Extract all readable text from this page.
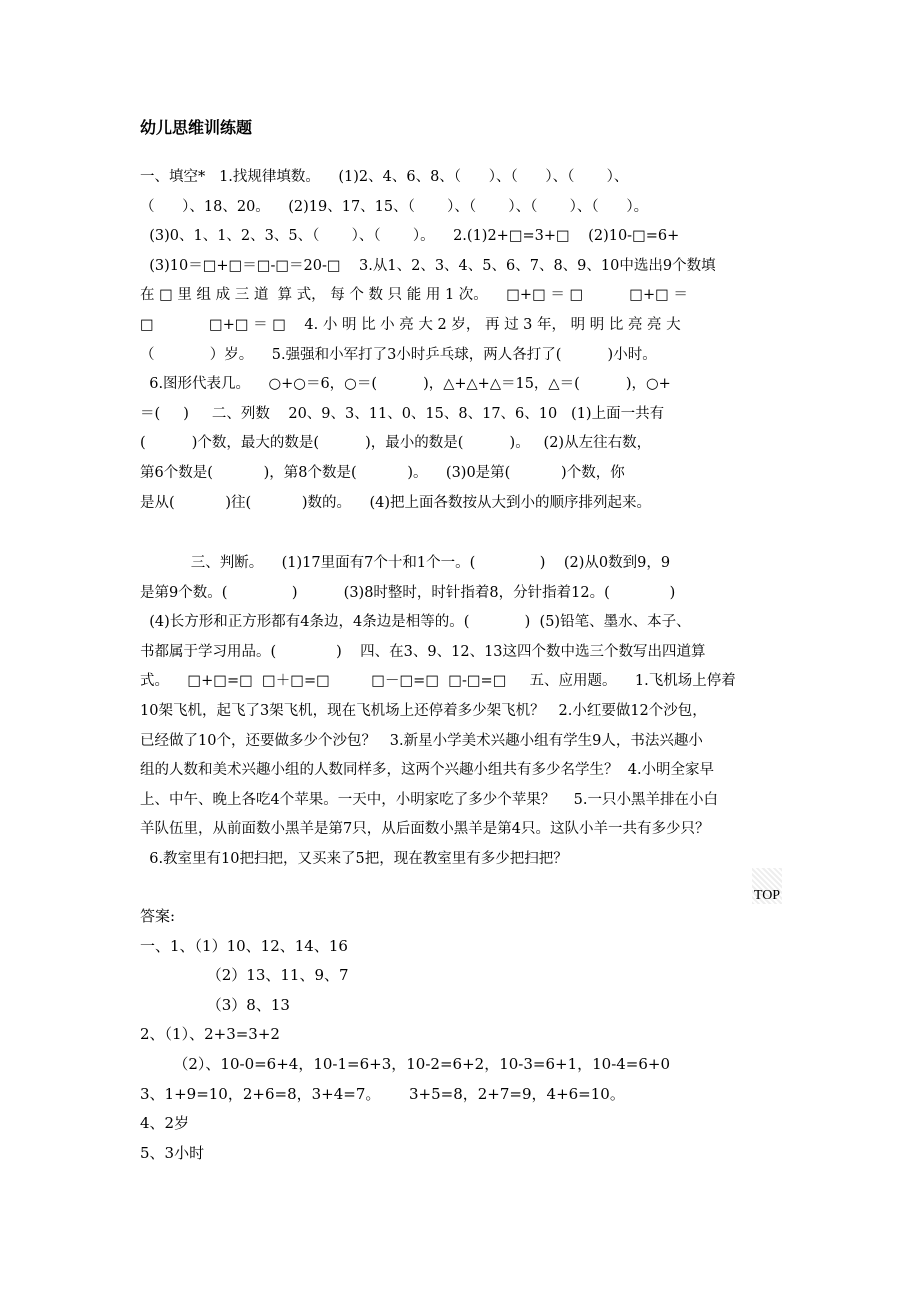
幼儿思维训练题
一、填空*   1.找规律填数。    (1)2、4、6、8、（      ）、（      ）、（       ）、
（      ）、18、20。    (2)19、17、15、（       ）、（       ）、（       ）、（      ）。
(3)0、1、1、2、3、5、（       ）、（       ）。    2.(1)2+□=3+□    (2)10-□=6+
(3)10＝□+□＝□-□＝20-□    3.从1、2、3、4、5、6、7、8、9、10中选出9个数填
在 □ 里 组 成 三 道  算 式， 每 个 数 只 能 用 1 次。    □+□ ＝ □          □+□ ＝
□            □+□ ＝ □    4. 小 明 比 小 亮 大 2 岁， 再 过 3 年， 明 明 比 亮 亮 大
（            ）岁。    5.强强和小军打了3小时乒乓球，两人各打了(          )小时。
6.图形代表几。    ○+○＝6，○＝(          )，△+△+△＝15，△＝(          )，○+
＝(     )     二、列数    20、9、3、11、0、15、8、17、6、10   (1)上面一共有
(          )个数，最大的数是(          )，最小的数是(          )。   (2)从左往右数，
第6个数是(           )，第8个数是(           )。    (3)0是第(           )个数，你
是从(           )往(           )数的。    (4)把上面各数按从大到小的顺序排列起来。
三、判断。    (1)17里面有7个十和1个一。(              )    (2)从0数到9，9
是第9个数。(              )          (3)8时整时，时针指着8，分针指着12。(             )
(4)长方形和正方形都有4条边，4条边是相等的。(            )  (5)铅笔、墨水、本子、
书都属于学习用品。(             )    四、在3、9、12、13这四个数中选三个数写出四道算
式。    □+□=□  □＋□=□         □－□=□  □-□=□     五、应用题。    1.飞机场上停着
10架飞机，起飞了3架飞机，现在飞机场上还停着多少架飞机？   2.小红要做12个沙包，
已经做了10个，还要做多少个沙包？   3.新星小学美术兴趣小组有学生9人，书法兴趣小
组的人数和美术兴趣小组的人数同样多，这两个兴趣小组共有多少名学生？  4.小明全家早
上、中午、晚上各吃4个苹果。一天中，小明家吃了多少个苹果？    5.一只小黑羊排在小白
羊队伍里，从前面数小黑羊是第7只，从后面数小黑羊是第4只。这队小羊一共有多少只？
6.教室里有10把扫把，又买来了5把，现在教室里有多少把扫把？
TOP
答案:
一、1、（1）10、12、14、16
（2）13、11、9、7
（3）8、13
2、（1）、2+3=3+2
（2）、10-0=6+4，10-1=6+3，10-2=6+2，10-3=6+1，10-4=6+0
3、1+9=10，2+6=8，3+4=7。      3+5=8，2+7=9，4+6=10。
4、2岁
5、3小时
